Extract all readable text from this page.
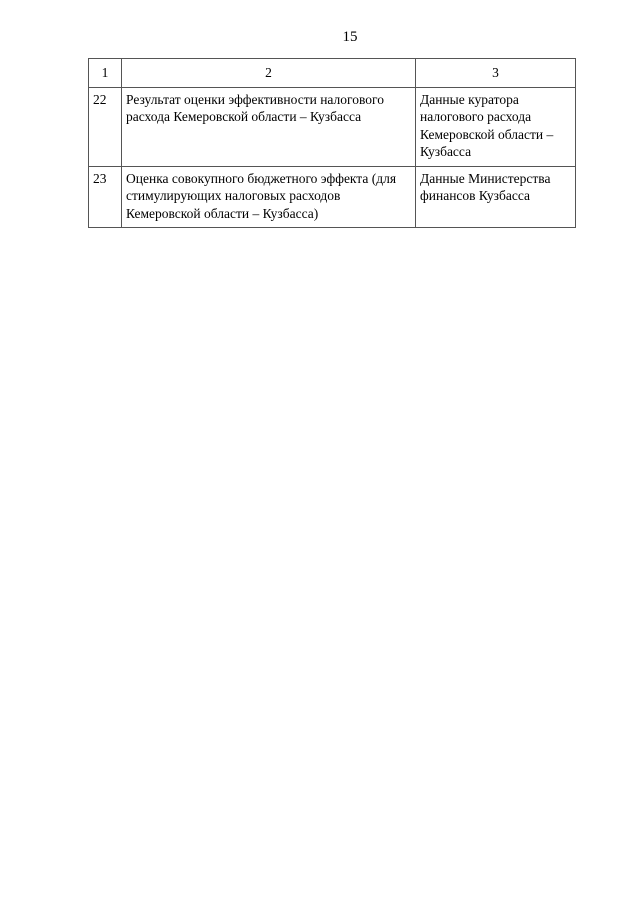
15
1	2	3
22	Результат оценки эффективности налогового расхода Кемеровской области – Кузбасса	Данные куратора налогового расхода Кемеровской области – Кузбасса
23	Оценка совокупного бюджетного эффекта (для стимулирующих налоговых расходов Кемеровской области – Кузбасса)	Данные Министерства финансов Кузбасса
